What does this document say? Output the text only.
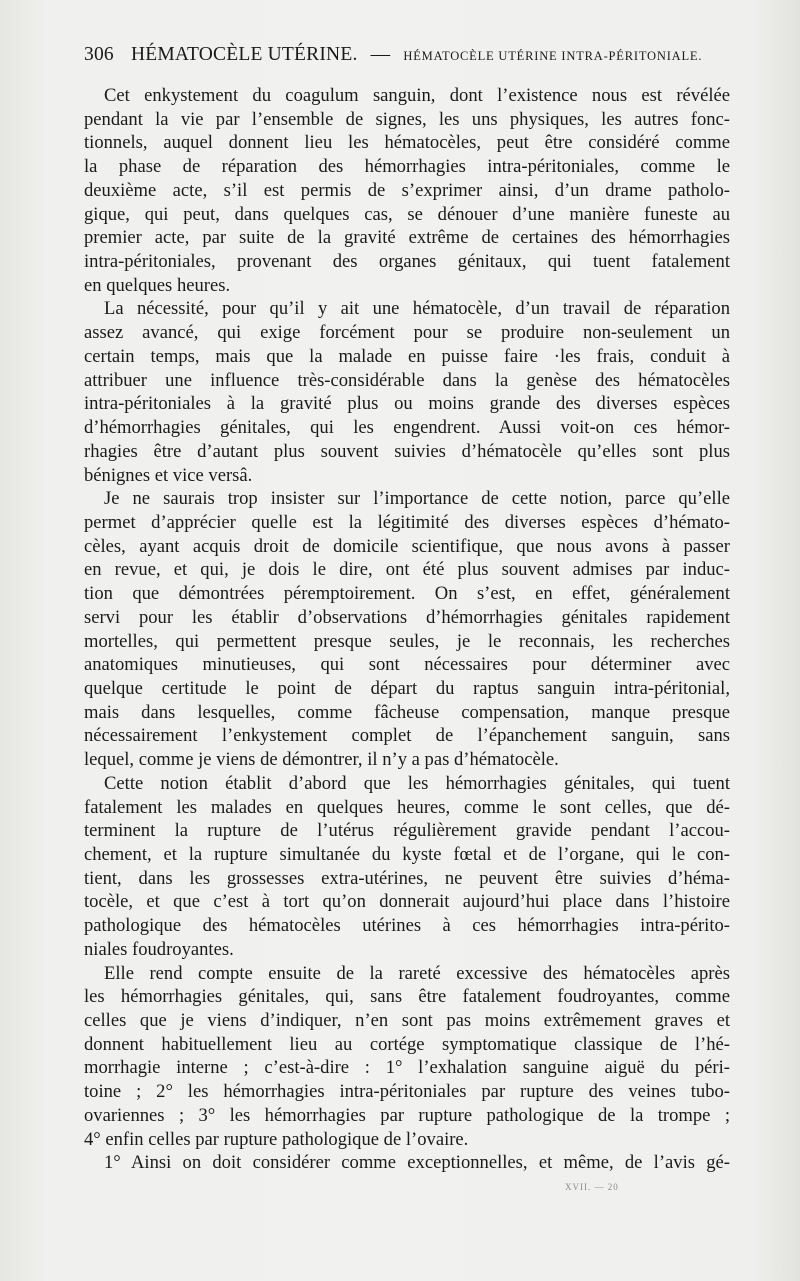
306 HÉMATOCÈLE UTÉRINE. — HÉMATOCÈLE UTÉRINE INTRA-PÉRITONIALE.
Cet enkystement du coagulum sanguin, dont l’existence nous est révélée
pendant la vie par l’ensemble de signes, les uns physiques, les autres fonc-
tionnels, auquel donnent lieu les hématocèles, peut être considéré comme
la phase de réparation des hémorrhagies intra-péritoniales, comme le
deuxième acte, s’il est permis de s’exprimer ainsi, d’un drame patholo-
gique, qui peut, dans quelques cas, se dénouer d’une manière funeste au
premier acte, par suite de la gravité extrême de certaines des hémorrhagies
intra-péritoniales, provenant des organes génitaux, qui tuent fatalement
en quelques heures.
La nécessité, pour qu’il y ait une hématocèle, d’un travail de réparation
assez avancé, qui exige forcément pour se produire non-seulement un
certain temps, mais que la malade en puisse faire ·les frais, conduit à
attribuer une influence très-considérable dans la genèse des hématocèles
intra-péritoniales à la gravité plus ou moins grande des diverses espèces
d’hémorrhagies génitales, qui les engendrent. Aussi voit-on ces hémor-
rhagies être d’autant plus souvent suivies d’hématocèle qu’elles sont plus
bénignes et vice versâ.
Je ne saurais trop insister sur l’importance de cette notion, parce qu’elle
permet d’apprécier quelle est la légitimité des diverses espèces d’hémato-
cèles, ayant acquis droit de domicile scientifique, que nous avons à passer
en revue, et qui, je dois le dire, ont été plus souvent admises par induc-
tion que démontrées péremptoirement. On s’est, en effet, généralement
servi pour les établir d’observations d’hémorrhagies génitales rapidement
mortelles, qui permettent presque seules, je le reconnais, les recherches
anatomiques minutieuses, qui sont nécessaires pour déterminer avec
quelque certitude le point de départ du raptus sanguin intra-péritonial,
mais dans lesquelles, comme fâcheuse compensation, manque presque
nécessairement l’enkystement complet de l’épanchement sanguin, sans
lequel, comme je viens de démontrer, il n’y a pas d’hématocèle.
Cette notion établit d’abord que les hémorrhagies génitales, qui tuent
fatalement les malades en quelques heures, comme le sont celles, que dé-
terminent la rupture de l’utérus régulièrement gravide pendant l’accou-
chement, et la rupture simultanée du kyste fœtal et de l’organe, qui le con-
tient, dans les grossesses extra-utérines, ne peuvent être suivies d’héma-
tocèle, et que c’est à tort qu’on donnerait aujourd’hui place dans l’histoire
pathologique des hématocèles utérines à ces hémorrhagies intra-périto-
niales foudroyantes.
Elle rend compte ensuite de la rareté excessive des hématocèles après
les hémorrhagies génitales, qui, sans être fatalement foudroyantes, comme
celles que je viens d’indiquer, n’en sont pas moins extrêmement graves et
donnent habituellement lieu au cortége symptomatique classique de l’hé-
morrhagie interne ; c’est-à-dire : 1° l’exhalation sanguine aiguë du péri-
toine ; 2° les hémorrhagies intra-péritoniales par rupture des veines tubo-
ovariennes ; 3° les hémorrhagies par rupture pathologique de la trompe ;
4° enfin celles par rupture pathologique de l’ovaire.
1° Ainsi on doit considérer comme exceptionnelles, et même, de l’avis gé-
XVII. — 20
